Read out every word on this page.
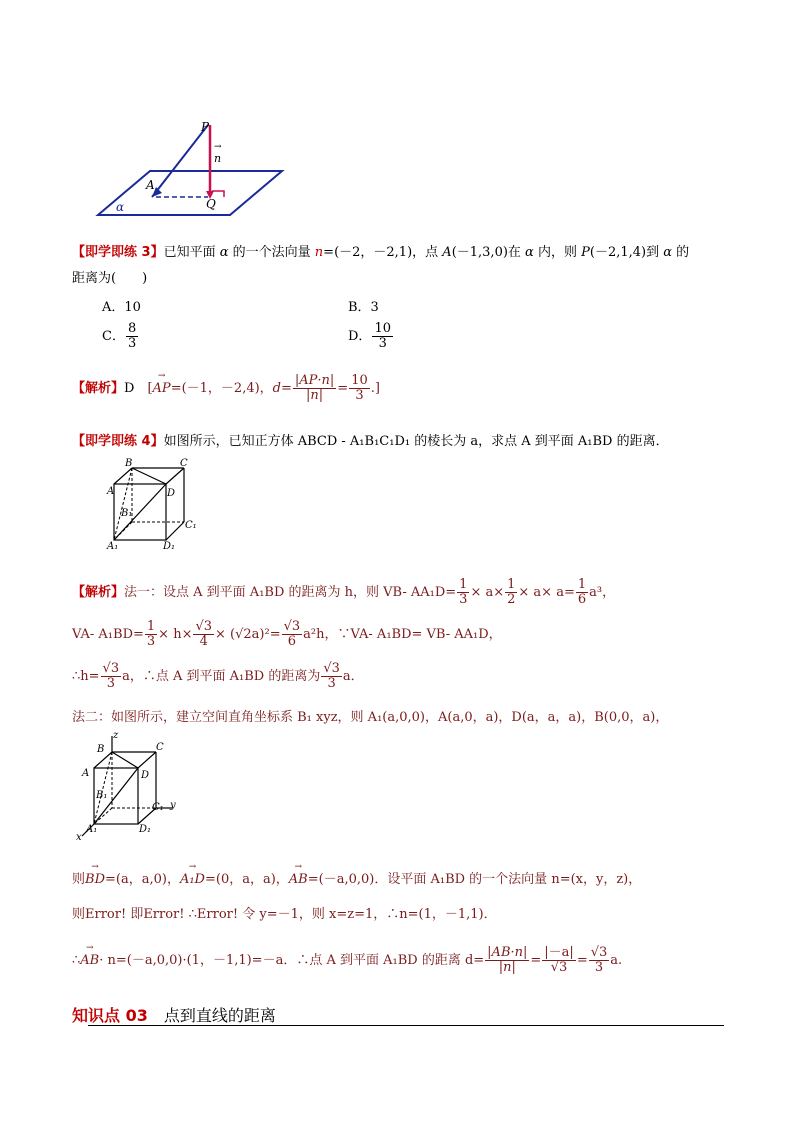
P
→ n
A
Q
α
【即学即练 3】已知平面 α 的一个法向量 n=(－2，－2,1)，点 A(－1,3,0)在 α 内，则 P(－2,1,4)到 α 的
距离为(　　)
A．10	B．3
C． $\frac{8}{3}$	D． $\frac{10}{3}$
【解析】D　 [→ AP=(－1，－2,4)，$d= \frac{|AP\cdot n|}{|n|} = \frac{10}{3}$ .]
【即学即练 4】如图所示，已知正方体 ABCD - A₁B₁C₁D₁ 的棱长为 a，求点 A 到平面 A₁BD 的距离．
B	C
A	D
B₁
C₁
A₁	D₁
【解析】法一：设点 A 到平面 A₁BD 的距离为 h，则 VB- $AA_1D= \frac{1}{3} \times a\times \frac{1}{2} \times a\times a= \frac{1}{6} a^3$，
VA- $A_1BD= \frac{1}{3} \times h\times \frac{√3}{4} \times (√2a)^2= \frac{√3}{6} a^2h$，∵VA- A₁BD= VB- AA₁D，
∴h= $\frac{√3}{3}$ a，∴点 A 到平面 A₁BD 的距离为 $\frac{√3}{3}$ a．
法二：如图所示，建立空间直角坐标系 B₁ xyz，则 A₁(a,0,0)，A(a,0，a)，D(a，a，a)，B(0,0，a)，
z
B	C
A	D
B₁
C₁ y
x
A₁	D₁
则→ BD=(a，a,0)，→ A₁D=(0，a，a)，→ AB=(－a,0,0)．设平面 A₁BD 的一个法向量 n=(x，y，z)，
则Error! 即Error! ∴Error! 令 y=－1，则 x=z=1，∴n=(1，－1,1)．
∴→ AB· n=(－a,0,0)·(1，－1,1)=－a．∴点 A 到平面 A₁BD 的距离 $d= \frac{|AB\cdot n|}{|n|} = \frac{|-a|}{√3} = \frac{√3}{3} a$.
知识点 03　 点到直线的距离
